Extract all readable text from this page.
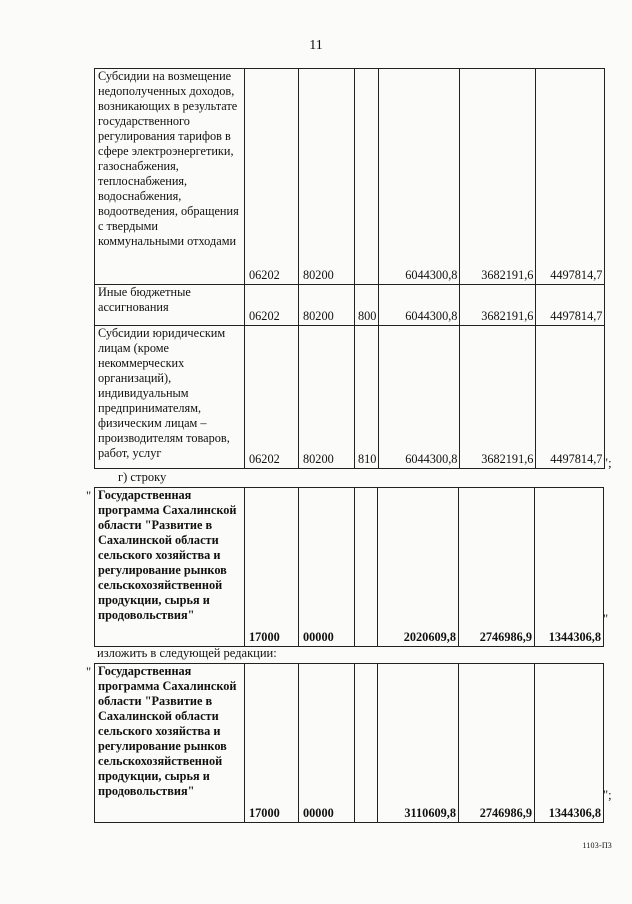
11
Субсидии на возмещение недополученных доходов, возникающих в результате государственного регулирования тарифов в сфере электроэнергетики, газоснабжения, теплоснабжения, водоснабжения, водоотведения, обращения с твердыми коммунальными отходами	06202	80200		6044300,8	3682191,6	4497814,7

Иные бюджетные ассигнования	06202	80200	800	6044300,8	3682191,6	4497814,7

Субсидии юридическим лицам (кроме некоммерческих организаций), индивидуальным предпринимателям, физическим лицам – производителям товаров, работ, услуг	06202	80200	810	6044300,8	3682191,6	4497814,7 ";
г) строку
" Государственная программа Сахалинской области "Развитие в Сахалинской области сельского хозяйства и регулирование рынков сельскохозяйственной продукции, сырья и продовольствия"
	17000	00000		2020609,8	2746986,9	1344306,8
"
изложить в следующей редакции:
" Государственная программа Сахалинской области "Развитие в Сахалинской области сельского хозяйства и регулирование рынков сельскохозяйственной продукции, сырья и продовольствия"
	17000	00000		3110609,8	2746986,9	1344306,8
";
1103-П3
